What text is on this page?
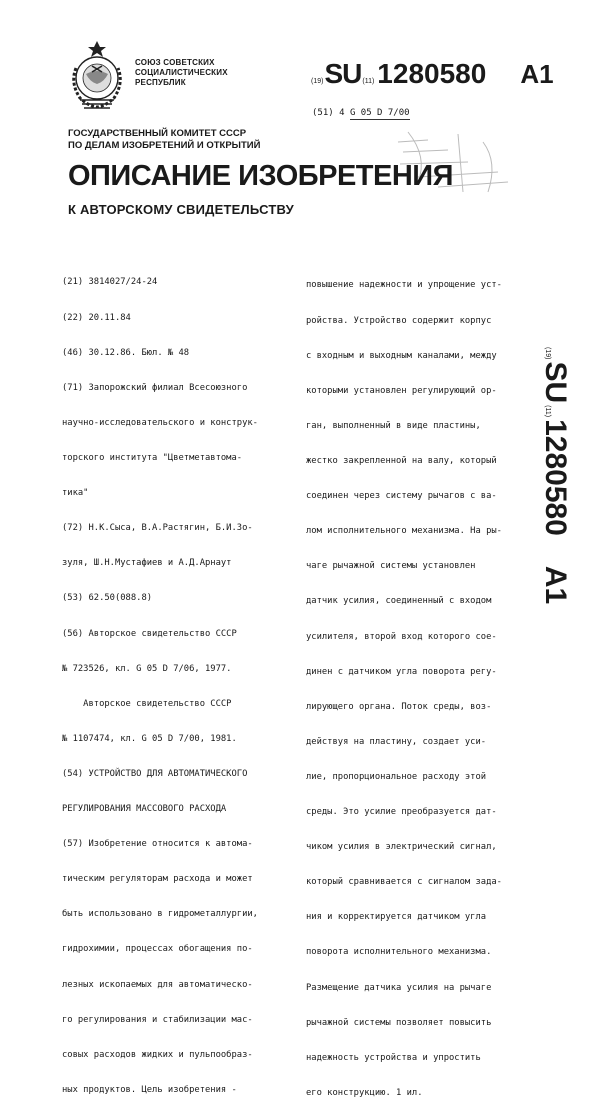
СОЮЗ СОВЕТСКИХ
СОЦИАЛИСТИЧЕСКИХ
РЕСПУБЛИК	(19) SU (11) 1280580 A1
(51) 4 G 05 D 7/00
ГОСУДАРСТВЕННЫЙ КОМИТЕТ СССР
ПО ДЕЛАМ ИЗОБРЕТЕНИЙ И ОТКРЫТИЙ
ОПИСАНИЕ ИЗОБРЕТЕНИЯ
К АВТОРСКОМУ СВИДЕТЕЛЬСТВУ

(21) 3814027/24-24

(22) 20.11.84

(46) 30.12.86. Бюл. № 48

(71) Запорожский филиал Всесоюзного

научно-исследовательского и конструк-

торского института "Цветметавтома-

тика"

(72) Н.К.Сыса, В.А.Растягин, Б.И.Зо-

зуля, Ш.Н.Мустафиев и А.Д.Арнаут

(53) 62.50(088.8)

(56) Авторское свидетельство СССР

№ 723526, кл. G 05 D 7/06, 1977.

Авторское свидетельство СССР

№ 1107474, кл. G 05 D 7/00, 1981.

(54) УСТРОЙСТВО ДЛЯ АВТОМАТИЧЕСКОГО

РЕГУЛИРОВАНИЯ МАССОВОГО РАСХОДА

(57) Изобретение относится к автома-

тическим регуляторам расхода и может

быть использовано в гидрометаллургии,

гидрохимии, процессах обогащения по-

лезных ископаемых для автоматическо-

го регулирования и стабилизации мас-

совых расходов жидких и пульпообраз-

ных продуктов. Цель изобретения -

повышение надежности и упрощение уст-

ройства. Устройство содержит корпус

с входным и выходным каналами, между

которыми установлен регулирующий ор-

ган, выполненный в виде пластины,

жестко закрепленной на валу, который

соединен через систему рычагов с ва-

лом исполнительного механизма. На ры-

чаге рычажной системы установлен

датчик усилия, соединенный с входом

усилителя, второй вход которого сое-

динен с датчиком угла поворота регу-

лирующего органа. Поток среды, воз-

действуя на пластину, создает уси-

лие, пропорциональное расходу этой

среды. Это усилие преобразуется дат-

чиком усилия в электрический сигнал,

который сравнивается с сигналом зада-

ния и корректируется датчиком угла

поворота исполнительного механизма.

Размещение датчика усилия на рычаге

рычажной системы позволяет повысить

надежность устройства и упростить

его конструкцию. 1 ил.

(19)
SU
(11)
1280580
A1
